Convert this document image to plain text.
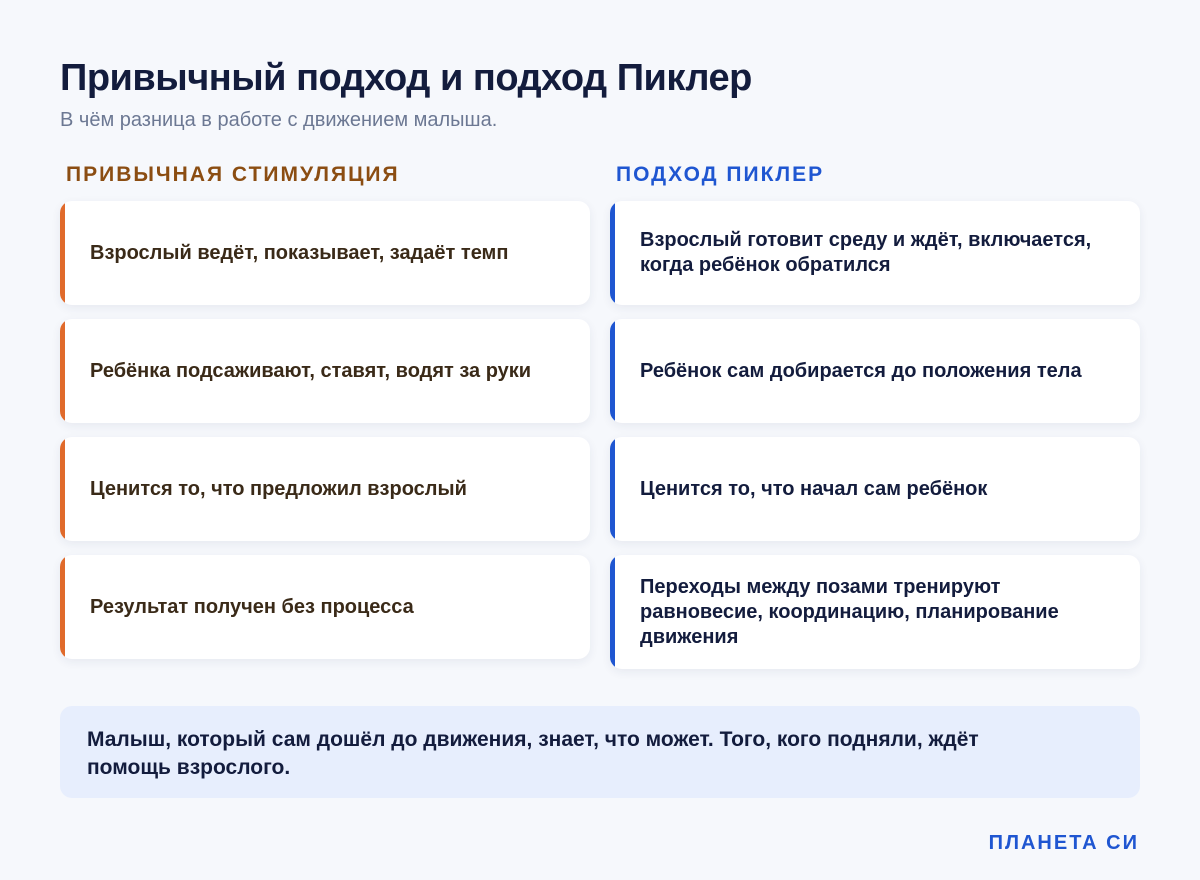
Привычный подход и подход Пиклер
В чём разница в работе с движением малыша.
ПРИВЫЧНАЯ СТИМУЛЯЦИЯ	ПОДХОД ПИКЛЕР
Взрослый ведёт, показывает, задаёт темп
Ребёнка подсаживают, ставят, водят за руки
Ценится то, что предложил взрослый
Результат получен без процесса
Взрослый готовит среду и ждёт, включается, когда ребёнок обратился
Ребёнок сам добирается до положения тела
Ценится то, что начал сам ребёнок
Переходы между позами тренируют равновесие, координацию, планирование движения
Малыш, который сам дошёл до движения, знает, что может. Того, кого подняли, ждёт помощь взрослого.
ПЛАНЕТА СИ
